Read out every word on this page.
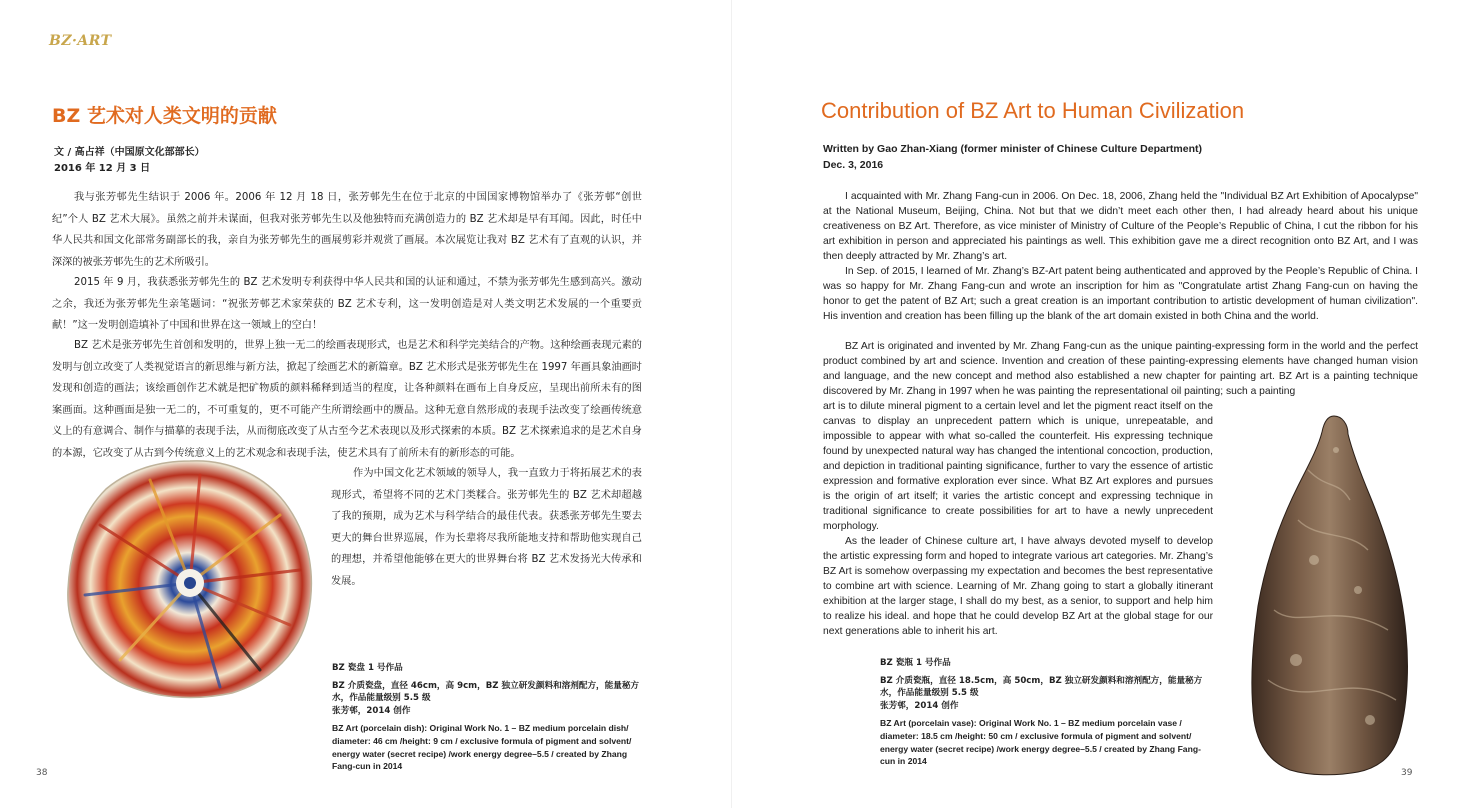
BZ·ART
BZ 艺术对人类文明的贡献
文 / 高占祥（中国原文化部部长）
2016 年 12 月 3 日

我与张芳邨先生结识于 2006 年。2006 年 12 月 18 日，张芳邨先生在位于北京的中国国家博物馆举办了《张芳邨“创世纪”个人 BZ 艺术大展》。虽然之前并未谋面，但我对张芳邨先生以及他独特而充满创造力的 BZ 艺术却是早有耳闻。因此，时任中华人民共和国文化部常务副部长的我，亲自为张芳邨先生的画展剪彩并观赏了画展。本次展览让我对 BZ 艺术有了直观的认识，并深深的被张芳邨先生的艺术所吸引。

2015 年 9 月，我获悉张芳邨先生的 BZ 艺术发明专利获得中华人民共和国的认证和通过，不禁为张芳邨先生感到高兴。激动之余，我还为张芳邨先生亲笔题词：“祝张芳邨艺术家荣获的 BZ 艺术专利，这一发明创造是对人类文明艺术发展的一个重要贡献！”这一发明创造填补了中国和世界在这一领域上的空白！

BZ 艺术是张芳邨先生首创和发明的，世界上独一无二的绘画表现形式，也是艺术和科学完美结合的产物。这种绘画表现元素的发明与创立改变了人类视觉语言的新思维与新方法，掀起了绘画艺术的新篇章。BZ 艺术形式是张芳邨先生在 1997 年画具象油画时发现和创造的画法；该绘画创作艺术就是把矿物质的颜料稀释到适当的程度，让各种颜料在画布上自身反应，呈现出前所未有的图案画面。这种画面是独一无二的，不可重复的，更不可能产生所谓绘画中的赝品。这种无意自然形成的表现手法改变了绘画传统意义上的有意调合、制作与描摹的表现手法，从而彻底改变了从古至今艺术表现以及形式探索的本质。BZ 艺术探索追求的是艺术自身的本源，它改变了从古到今传统意义上的艺术观念和表现手法，使艺术具有了前所未有的新形态的可能。

作为中国文化艺术领域的领导人，我一直致力于将拓展艺术的表现形式，希望将不同的艺术门类糅合。张芳邨先生的 BZ 艺术却超越了我的预期，成为艺术与科学结合的最佳代表。获悉张芳邨先生要去更大的舞台世界巡展，作为长辈将尽我所能地支持和帮助他实现自己的理想，并希望他能够在更大的世界舞台将 BZ 艺术发扬光大传承和发展。

BZ 瓷盘 1 号作品
BZ 介质瓷盘，直径 46cm，高 9cm，BZ 独立研发颜料和溶剂配方，能量秘方水，作品能量级别 5.5 级
张芳邨，2014 创作
BZ Art (porcelain dish): Original Work No. 1 – BZ medium porcelain dish/ diameter: 46 cm /height: 9 cm / exclusive formula of pigment and solvent/ energy water (secret recipe) /work energy degree–5.5 / created by Zhang Fang-cun in 2014
38
Contribution of BZ Art to Human Civilization
Written by Gao Zhan-Xiang (former minister of Chinese Culture Department)
Dec. 3, 2016

I acquainted with Mr. Zhang Fang-cun in 2006. On Dec. 18, 2006, Zhang held the "Individual BZ Art Exhibition of Apocalypse" at the National Museum, Beijing, China. Not but that we didn’t meet each other then, I had already heard about his unique creativeness on BZ Art. Therefore, as vice minister of Ministry of Culture of the People’s Republic of China, I cut the ribbon for his art exhibition in person and appreciated his paintings as well. This exhibition gave me a direct recognition onto BZ Art, and I was then deeply attracted by Mr. Zhang’s art.

In Sep. of 2015, I learned of Mr. Zhang’s BZ-Art patent being authenticated and approved by the People’s Republic of China. I was so happy for Mr. Zhang Fang-cun and wrote an inscription for him as "Congratulate artist Zhang Fang-cun on having the honor to get the patent of BZ Art; such a great creation is an important contribution to artistic development of human civilization". His invention and creation has been filling up the blank of the art domain existed in both China and the world.

BZ Art is originated and invented by Mr. Zhang Fang-cun as the unique painting-expressing form in the world and the perfect product combined by art and science. Invention and creation of these painting-expressing elements have changed human vision and language, and the new concept and method also established a new chapter for painting art. BZ Art is a painting technique discovered by Mr. Zhang in 1997 when he was painting the representational oil painting; such a painting

art is to dilute mineral pigment to a certain level and let the pigment react itself on the canvas to display an unprecedent pattern which is unique, unrepeatable, and impossible to appear with what so-called the counterfeit. His expressing technique found by unexpected natural way has changed the intentional concoction, production, and depiction in traditional painting significance, further to vary the essence of artistic expression and formative exploration ever since. What BZ Art explores and pursues is the origin of art itself; it varies the artistic concept and expressing technique in traditional significance to create possibilities for art to have a newly unprecedent morphology.

As the leader of Chinese culture art, I have always devoted myself to develop the artistic expressing form and hoped to integrate various art categories. Mr. Zhang’s BZ Art is somehow overpassing my expectation and becomes the best representative to combine art with science. Learning of Mr. Zhang going to start a globally itinerant exhibition at the larger stage, I shall do my best, as a senior, to support and help him to realize his ideal. and hope that he could develop BZ Art at the global stage for our next generations able to inherit his art.

BZ 瓷瓶 1 号作品
BZ 介质瓷瓶，直径 18.5cm，高 50cm，BZ 独立研发颜料和溶剂配方，能量秘方水，作品能量级别 5.5 级
张芳邨，2014 创作
BZ Art (porcelain vase): Original Work No. 1 – BZ medium porcelain vase / diameter: 18.5 cm /height: 50 cm / exclusive formula of pigment and solvent/ energy water (secret recipe) /work energy degree–5.5 / created by Zhang Fang-cun in 2014
39
